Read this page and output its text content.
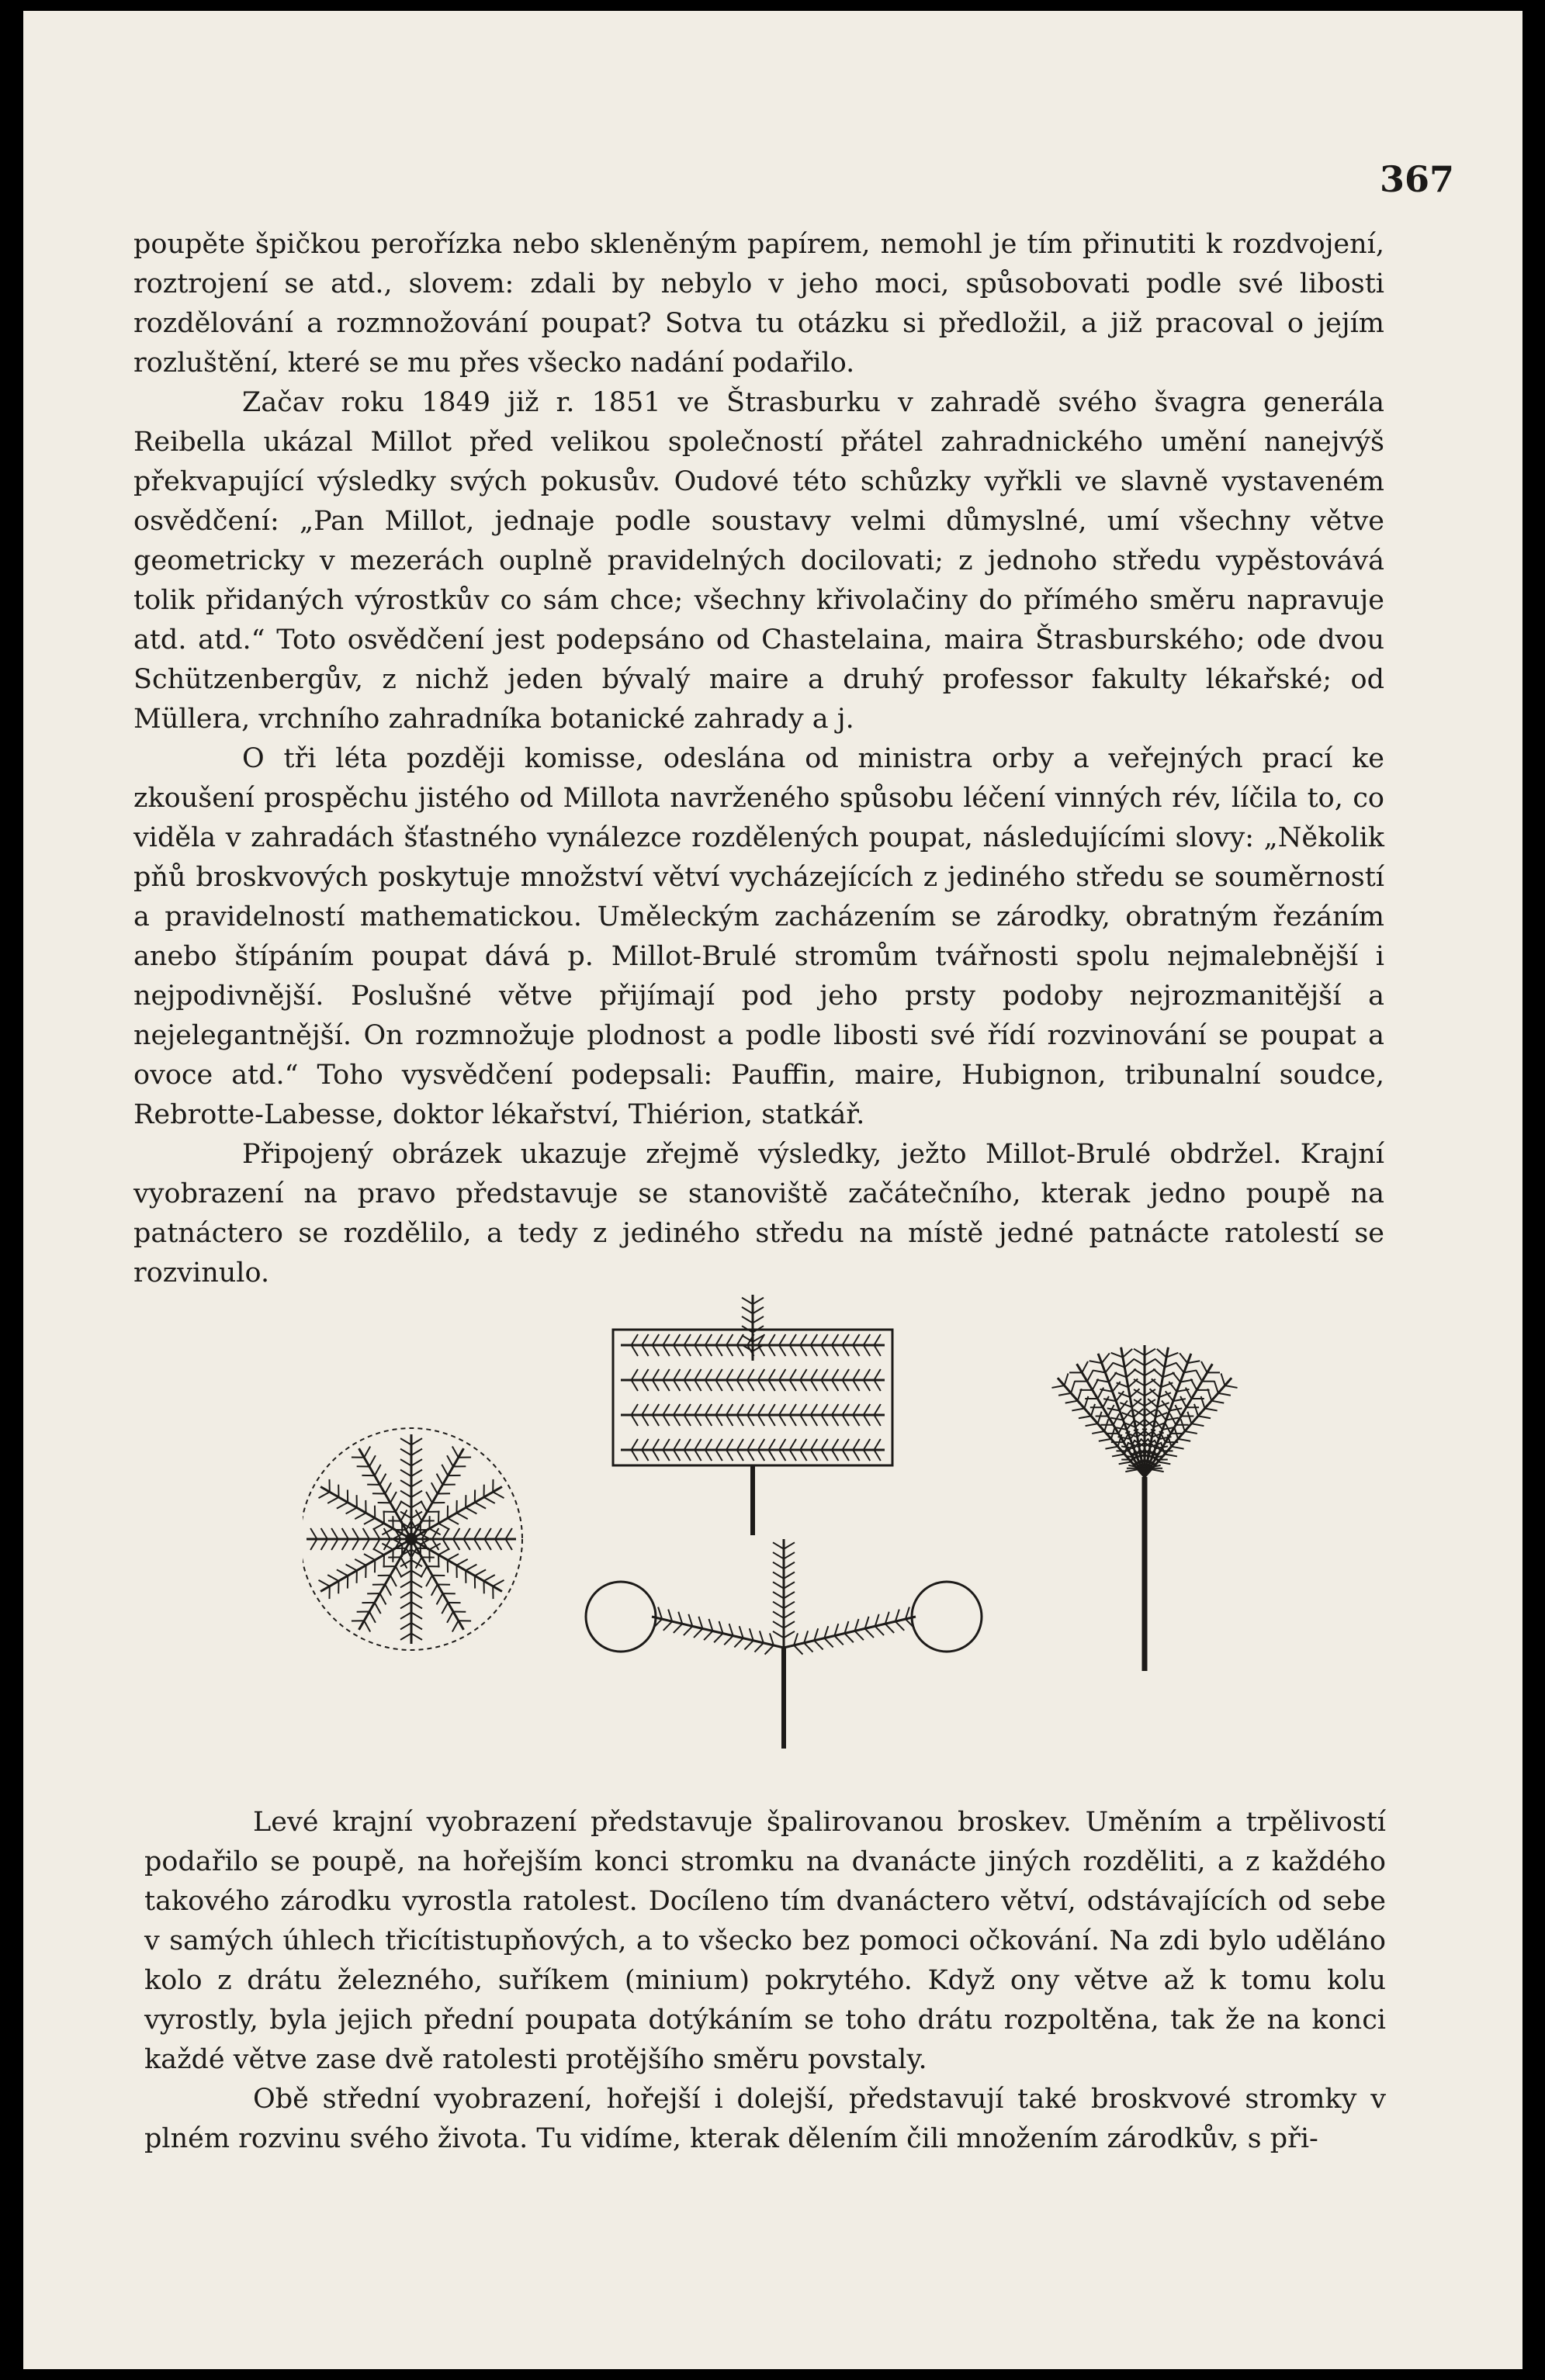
367

poupěte špičkou perořízka nebo skleněným papírem, nemohl je tím přinutiti k rozdvojení, roztrojení se atd., slovem: zdali by nebylo v jeho moci, spůsobovati podle své libosti rozdělování a rozmnožování poupat? Sotva tu otázku si předložil, a již pracoval o jejím rozluštění, které se mu přes všecko nadání podařilo.

Začav roku 1849 již r. 1851 ve Štrasburku v zahradě svého švagra generála Reibella ukázal Millot před velikou společností přátel zahradnického umění nanejvýš překvapující výsledky svých pokusův. Oudové této schůzky vyřkli ve slavně vystaveném osvědčení: „Pan Millot, jednaje podle soustavy velmi důmyslné, umí všechny větve geometricky v mezerách ouplně pravidelných docilovati; z jednoho středu vypěstovává tolik přidaných výrostkův co sám chce; všechny křivolačiny do přímého směru napravuje atd. atd.“ Toto osvědčení jest podepsáno od Chastelaina, maira Štrasburského; ode dvou Schützenbergův, z nichž jeden bývalý maire a druhý professor fakulty lékařské; od Müllera, vrchního zahradníka botanické zahrady a j.

O tři léta později komisse, odeslána od ministra orby a veřejných prací ke zkoušení prospěchu jistého od Millota navrženého spůsobu léčení vinných rév, líčila to, co viděla v zahradách šťastného vynálezce rozdělených poupat, následujícími slovy: „Několik pňů broskvových poskytuje množství větví vycházejících z jediného středu se souměrností a pravidelností mathematickou. Uměleckým zacházením se zárodky, obratným řezáním anebo štípáním poupat dává p. Millot-Brulé stromům tvářnosti spolu nejmalebnější i nejpodivnější. Poslušné větve přijímají pod jeho prsty podoby nejrozmanitější a nejelegantnější. On rozmnožuje plodnost a podle libosti své řídí rozvinování se poupat a ovoce atd.“ Toho vysvědčení podepsali: Pauffin, maire, Hubignon, tribunalní soudce, Rebrotte-Labesse, doktor lékařství, Thiérion, statkář.

Připojený obrázek ukazuje zřejmě výsledky, ježto Millot-Brulé obdržel. Krajní vyobrazení na pravo představuje se stanoviště začátečního, kterak jedno poupě na patnáctero se rozdělilo, a tedy z jediného středu na místě jedné patnácte ratolestí se rozvinulo.

Levé krajní vyobrazení představuje špalirovanou broskev. Uměním a trpělivostí podařilo se poupě, na hořejším konci stromku na dvanácte jiných rozděliti, a z každého takového zárodku vyrostla ratolest. Docíleno tím dvanáctero větví, odstávajících od sebe v samých úhlech třicítistupňových, a to všecko bez pomoci očkování. Na zdi bylo uděláno kolo z drátu železného, suříkem (minium) pokrytého. Když ony větve až k tomu kolu vyrostly, byla jejich přední poupata dotýkáním se toho drátu rozpoltěna, tak že na konci každé větve zase dvě ratolesti protějšího směru povstaly.

Obě střední vyobrazení, hořejší i dolejší, představují také broskvové stromky v plném rozvinu svého života. Tu vidíme, kterak dělením čili množením zárodkův, s při-
